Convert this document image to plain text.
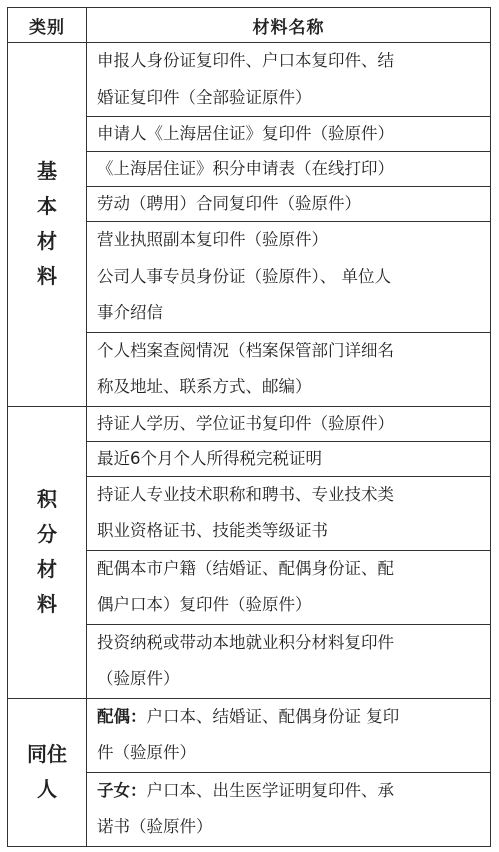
类别	材料名称

基
本
材
料	申报人身份证复印件、户口本复印件、结
婚证复印件（全部验证原件）

	申请人《上海居住证》复印件（验原件）

	《上海居住证》积分申请表（在线打印）

	劳动（聘用）合同复印件（验原件）

	营业执照副本复印件（验原件）
公司人事专员身份证（验原件）、 单位人
事介绍信

	个人档案查阅情况（档案保管部门详细名
称及地址、联系方式、邮编）

积
分
材
料	持证人学历、学位证书复印件（验原件）

	最近6个月个人所得税完税证明

	持证人专业技术职称和聘书、专业技术类
职业资格证书、技能类等级证书

	配偶本市户籍（结婚证、配偶身份证、配
偶户口本）复印件（验原件）

	投资纳税或带动本地就业积分材料复印件
（验原件）

同住
人	配偶：户口本、结婚证、配偶身份证 复印
件（验原件）

	子女：户口本、出生医学证明复印件、承
诺书（验原件）
